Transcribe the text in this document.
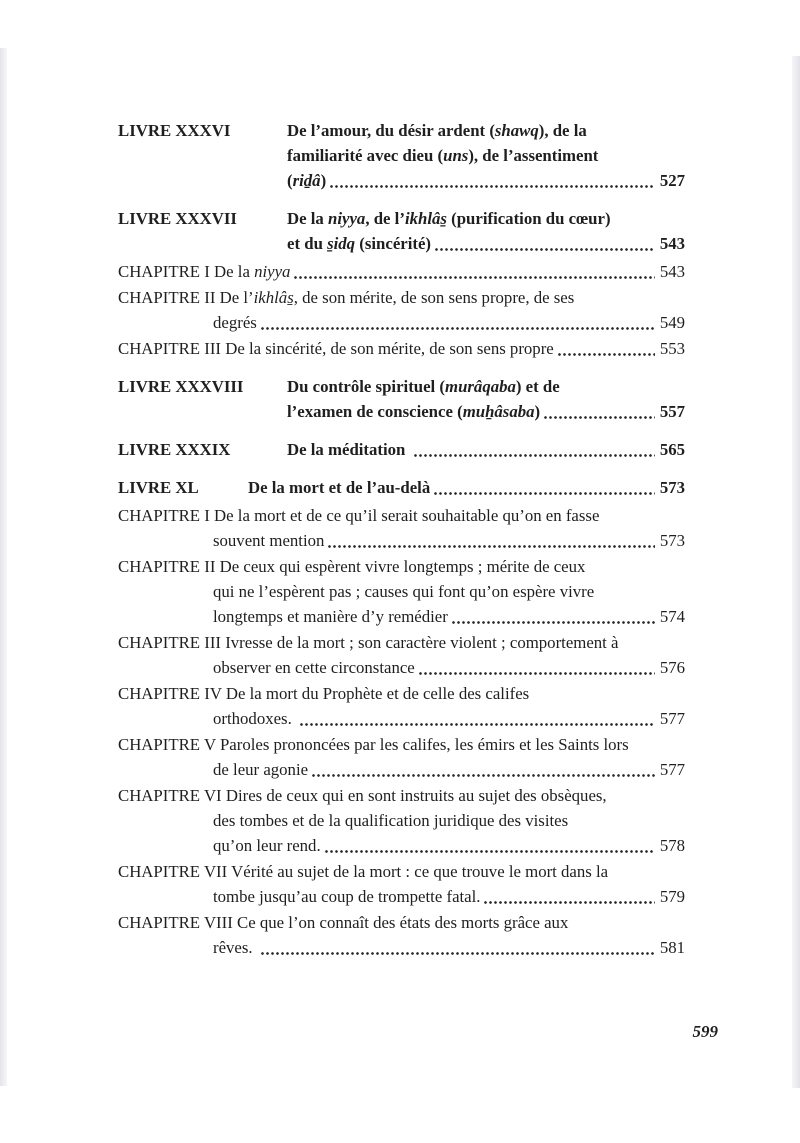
LIVRE XXXVI	De l’amour, du désir ardent (shawq), de la
familiarité avec dieu (uns), de l’assentiment
(riḏâ)	527
LIVRE XXXVII	De la niyya, de l’ikhlâs̱ (purification du cœur)
et du s̱idq (sincérité)	543
CHAPITRE I De la niyya	543
CHAPITRE II De l’ikhlâs̱, de son mérite, de son sens propre, de ses
degrés	549
CHAPITRE III De la sincérité, de son mérite, de son sens propre	553
LIVRE XXXVIII	Du contrôle spirituel (murâqaba) et de
l’examen de conscience (muẖâsaba)	557
LIVRE XXXIX	De la méditation	565
LIVRE XL	De la mort et de l’au-delà	573
CHAPITRE I De la mort et de ce qu’il serait souhaitable qu’on en fasse
souvent mention	573
CHAPITRE II De ceux qui espèrent vivre longtemps ; mérite de ceux
qui ne l’espèrent pas ; causes qui font qu’on espère vivre
longtemps et manière d’y remédier	574
CHAPITRE III Ivresse de la mort ; son caractère violent ; comportement à
observer en cette circonstance	576
CHAPITRE IV De la mort du Prophète et de celle des califes
orthodoxes.	577
CHAPITRE V Paroles prononcées par les califes, les émirs et les Saints lors
de leur agonie	577
CHAPITRE VI Dires de ceux qui en sont instruits au sujet des obsèques,
des tombes et de la qualification juridique des visites
qu’on leur rend.	578
CHAPITRE VII Vérité au sujet de la mort : ce que trouve le mort dans la
tombe jusqu’au coup de trompette fatal.	579
CHAPITRE VIII Ce que l’on connaît des états des morts grâce aux
rêves.	581
599
